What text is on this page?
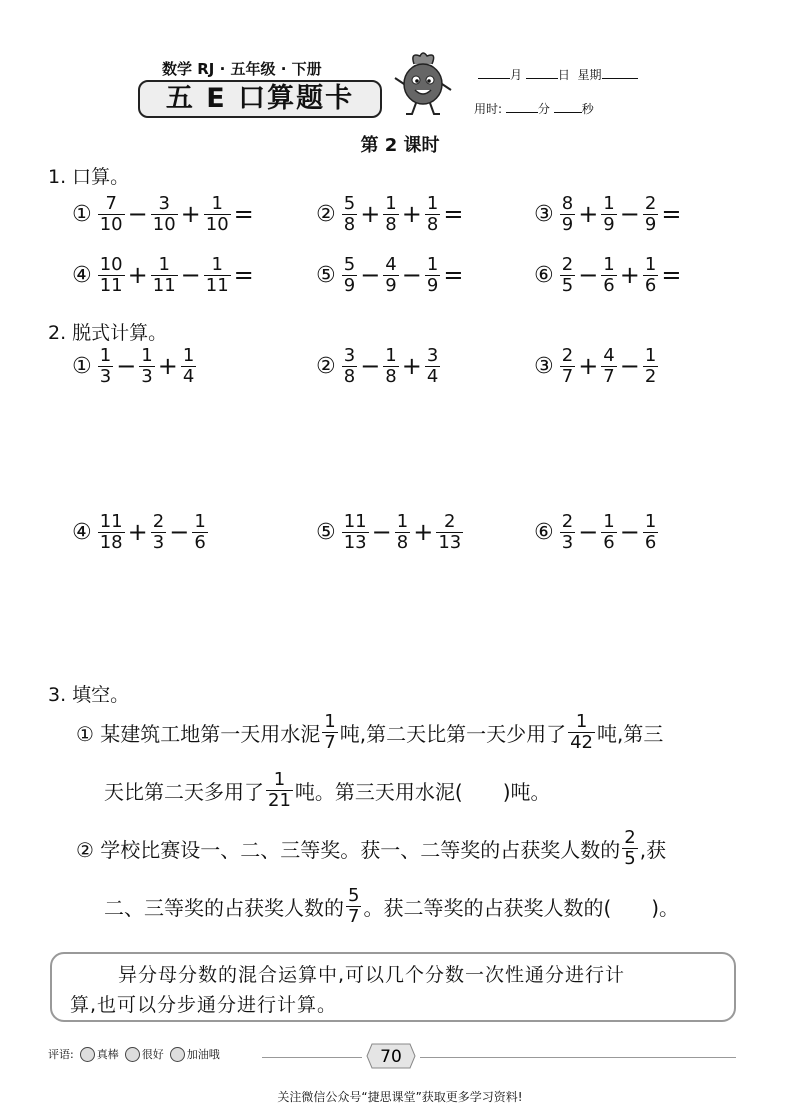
数学 RJ · 五年级 · 下册
五 E 口算题卡
月	日 星期
用时:	分	秒
第 2 课时
1. 口算。
① $\frac{7}{10} - \frac{3}{10} + \frac{1}{10}$ =	② $\frac{5}{8} + \frac{1}{8} + \frac{1}{8}$ =	③ $\frac{8}{9} + \frac{1}{9} - \frac{2}{9}$ =
④ $\frac{10}{11} + \frac{1}{11} - \frac{1}{11}$ =	⑤ $\frac{5}{9} - \frac{4}{9} - \frac{1}{9}$ =	⑥ $\frac{2}{5} - \frac{1}{6} + \frac{1}{6}$ =
2. 脱式计算。
① $\frac{1}{3} - \frac{1}{3} + \frac{1}{4}$	② $\frac{3}{8} - \frac{1}{8} + \frac{3}{4}$	③ $\frac{2}{7} + \frac{4}{7} - \frac{1}{2}$
④ $\frac{11}{18} + \frac{2}{3} - \frac{1}{6}$	⑤ $\frac{11}{13} - \frac{1}{8} + \frac{2}{13}$	⑥ $\frac{2}{3} - \frac{1}{6} - \frac{1}{6}$
3. 填空。
① 某建筑工地第一天用水泥 $\frac{1}{7}$ 吨,第二天比第一天少用了 $\frac{1}{42}$ 吨,第三
天比第二天多用了 $\frac{1}{21}$ 吨。第三天用水泥(　　)吨。
② 学校比赛设一、二、三等奖。获一、二等奖的占获奖人数的 $\frac{2}{5}$ ,获
二、三等奖的占获奖人数的 $\frac{5}{7}$ 。获二等奖的占获奖人数的(　　)。
异分母分数的混合运算中,可以几个分数一次性通分进行计
算,也可以分步通分进行计算。
评语: 真棒 很好 加油哦	70
关注微信公众号“捷思课堂”获取更多学习资料!
